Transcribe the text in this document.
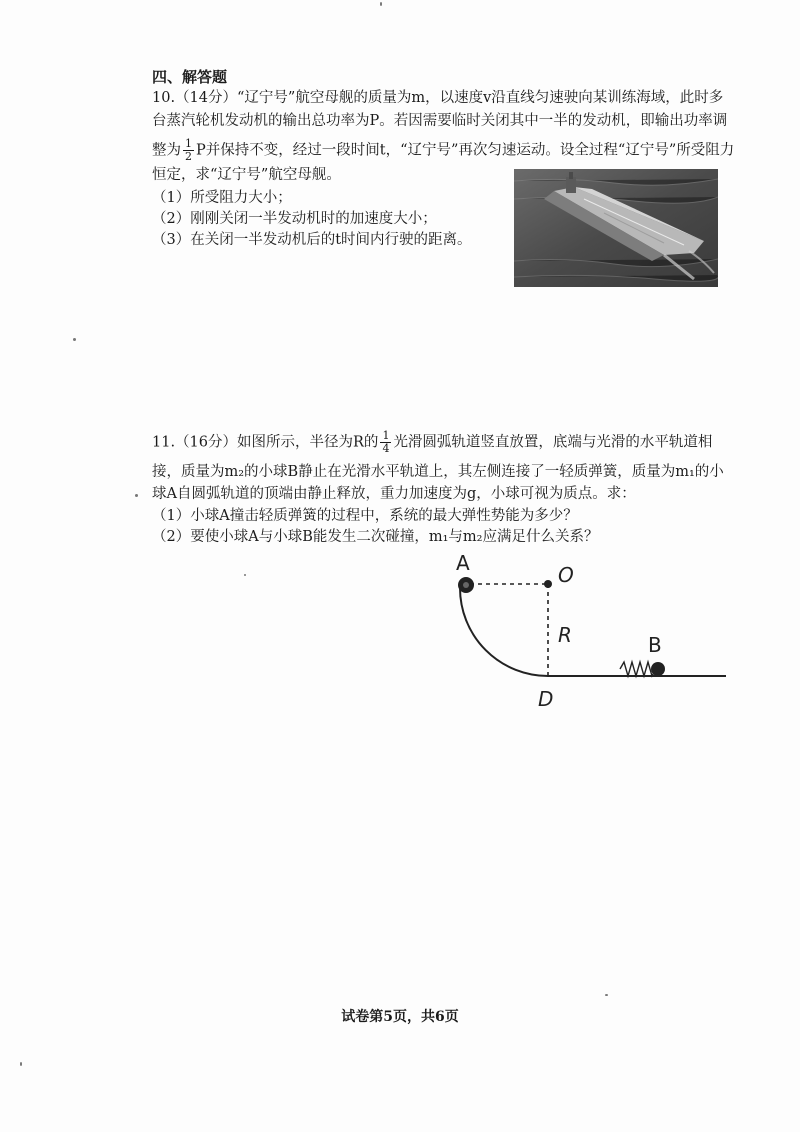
四、解答题
10.（14分）“辽宁号”航空母舰的质量为m，以速度v沿直线匀速驶向某训练海域，此时多
台蒸汽轮机发动机的输出总功率为P。若因需要临时关闭其中一半的发动机，即输出功率调
整为 $\frac{1}{2}$ P并保持不变，经过一段时间t，“辽宁号”再次匀速运动。设全过程“辽宁号”所受阻力
恒定，求“辽宁号”航空母舰。
（1）所受阻力大小；
（2）刚刚关闭一半发动机时的加速度大小；
（3）在关闭一半发动机后的t时间内行驶的距离。
11.（16分）如图所示，半径为R的 $\frac{1}{4}$ 光滑圆弧轨道竖直放置，底端与光滑的水平轨道相
接，质量为m₂的小球B静止在光滑水平轨道上，其左侧连接了一轻质弹簧，质量为m₁的小
球A自圆弧轨道的顶端由静止释放，重力加速度为g，小球可视为质点。求：
（1）小球A撞击轻质弹簧的过程中，系统的最大弹性势能为多少？
（2）要使小球A与小球B能发生二次碰撞，m₁与m₂应满足什么关系？
A	O
R	B
D
试卷第5页，共6页
